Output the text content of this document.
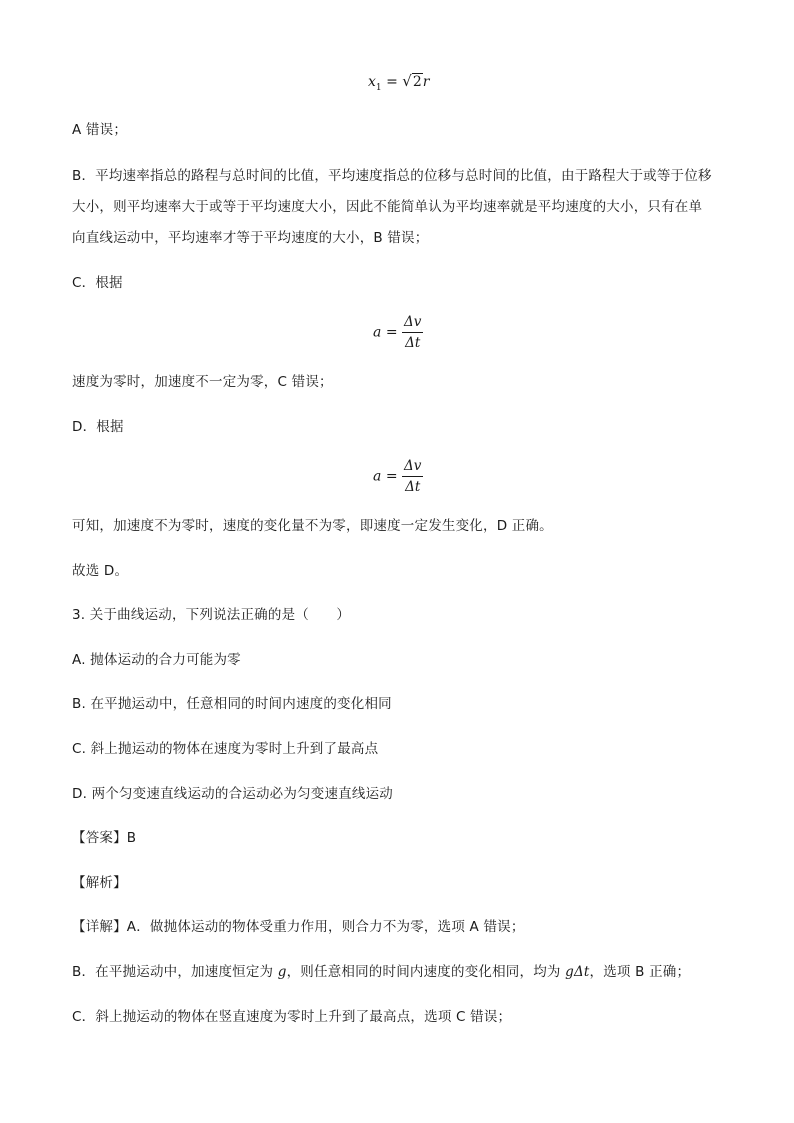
$x_1 = √2r$
A 错误；
B．平均速率指总的路程与总时间的比值，平均速度指总的位移与总时间的比值，由于路程大于或等于位移
大小，则平均速率大于或等于平均速度大小，因此不能简单认为平均速率就是平均速度的大小，只有在单
向直线运动中，平均速率才等于平均速度的大小，B 错误；
C．根据
$a = \frac{\Delta v}{\Delta t}$
速度为零时，加速度不一定为零，C 错误；
D．根据
$a = \frac{\Delta v}{\Delta t}$
可知，加速度不为零时，速度的变化量不为零，即速度一定发生变化，D 正确。
故选 D。
3. 关于曲线运动，下列说法正确的是（　　）
A. 抛体运动的合力可能为零
B. 在平抛运动中，任意相同的时间内速度的变化相同
C. 斜上抛运动的物体在速度为零时上升到了最高点
D. 两个匀变速直线运动的合运动必为匀变速直线运动
【答案】B
【解析】
【详解】A．做抛体运动的物体受重力作用，则合力不为零，选项 A 错误；
B．在平抛运动中，加速度恒定为 g，则任意相同的时间内速度的变化相同，均为 gΔt，选项 B 正确；
C．斜上抛运动的物体在竖直速度为零时上升到了最高点，选项 C 错误；
